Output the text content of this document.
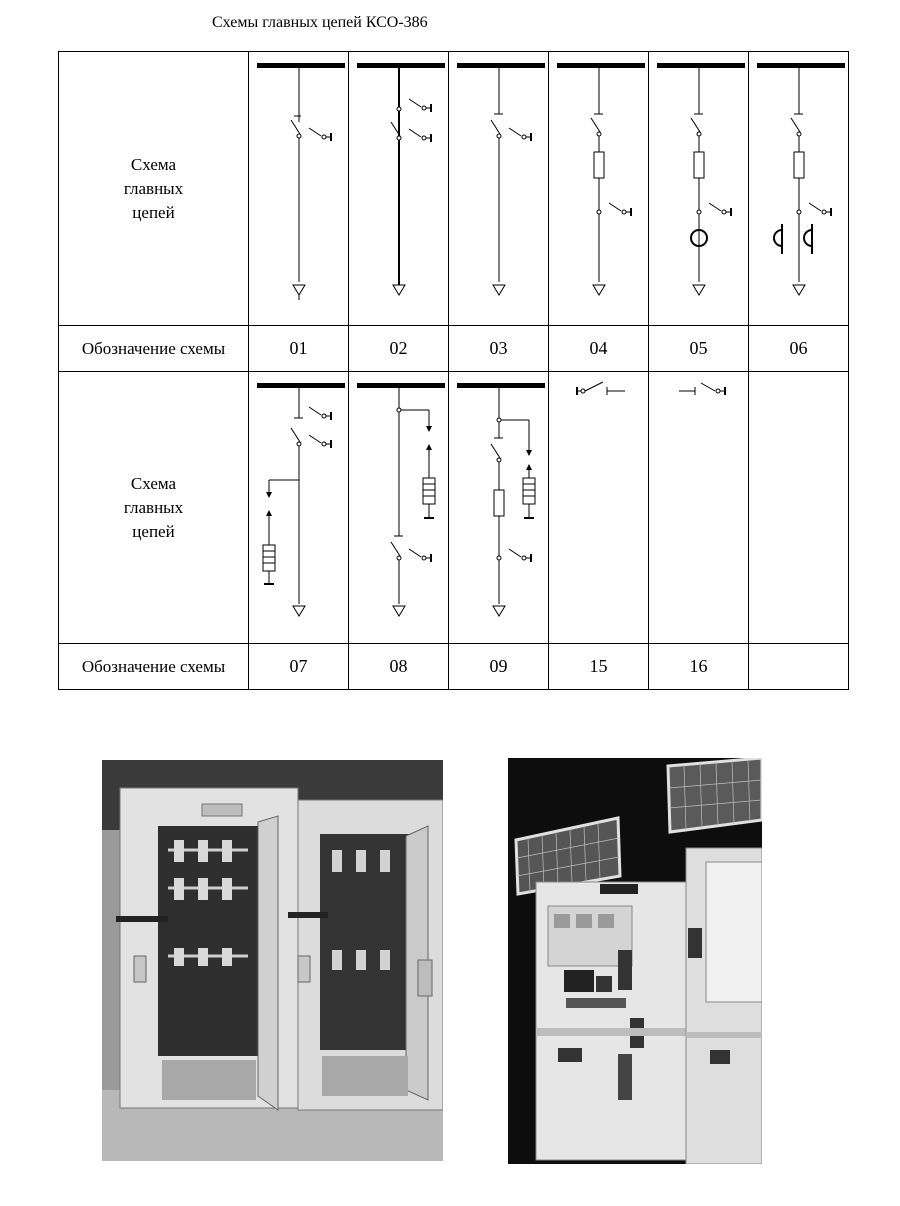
Схемы главных цепей КСО-386
Схема
главных
цепей

Обозначение схемы	01	02	03	04	05	06

Схема
главных
цепей

Обозначение схемы	07	08	09	15	16	
